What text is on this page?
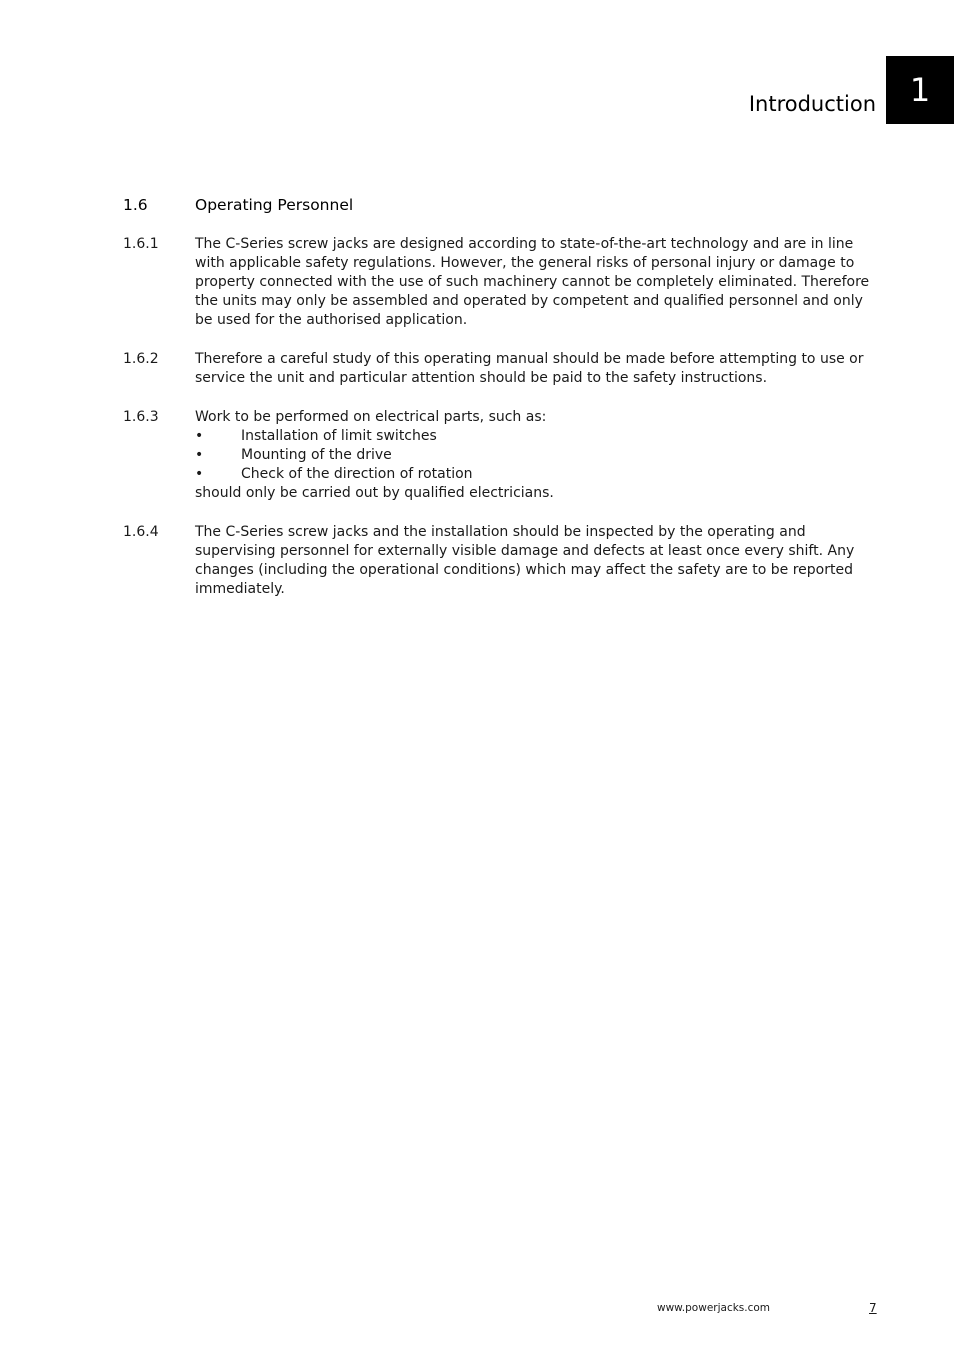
Introduction	1
1.6	Operating Personnel
1.6.1	The C-Series screw jacks are designed according to state-of-the-art technology and are in line with applicable safety regulations. However, the general risks of personal injury or damage to property connected with the use of such machinery cannot be completely eliminated. Therefore the units may only be assembled and operated by competent and qualified personnel and only be used for the authorised application.
1.6.2	Therefore a careful study of this operating manual should be made before attempting to use or service the unit and particular attention should be paid to the safety instructions.
1.6.3	Work to be performed on electrical parts, such as:
•	Installation of limit switches
•	Mounting of the drive
•	Check of the direction of rotation
should only be carried out by qualified electricians.
1.6.4	The C-Series screw jacks and the installation should be inspected by the operating and supervising personnel for externally visible damage and defects at least once every shift. Any changes (including the operational conditions) which may affect the safety are to be reported immediately.
www.powerjacks.com	7
